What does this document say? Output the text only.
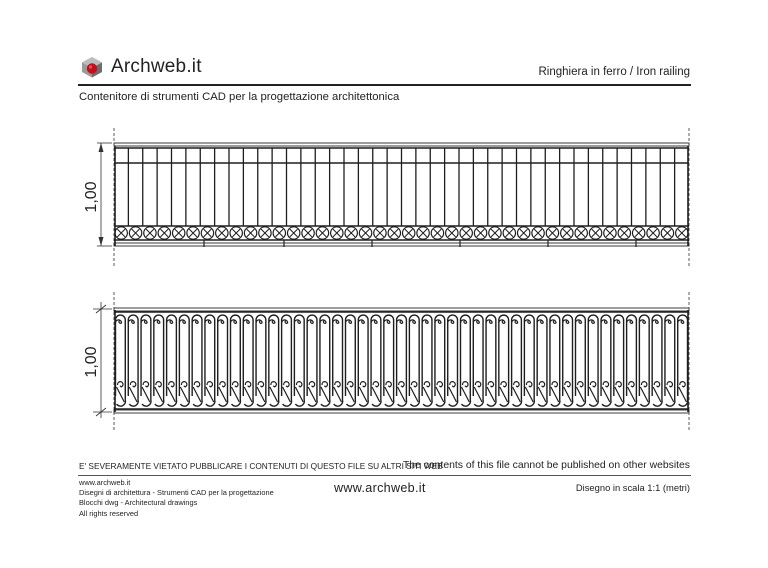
Archweb.it	Ringhiera in ferro / Iron railing
Contenitore di strumenti CAD per la progettazione architettonica
1,00
1,00
E' SEVERAMENTE VIETATO PUBBLICARE I CONTENUTI DI QUESTO FILE SU ALTRI SITI WEB
The contents of this file cannot be published on other websites
www.archweb.it
Disegni di architettura - Strumenti CAD per la progettazione
Blocchi dwg - Architectural drawings
All rights reserved
www.archweb.it	Disegno in scala 1:1 (metri)
